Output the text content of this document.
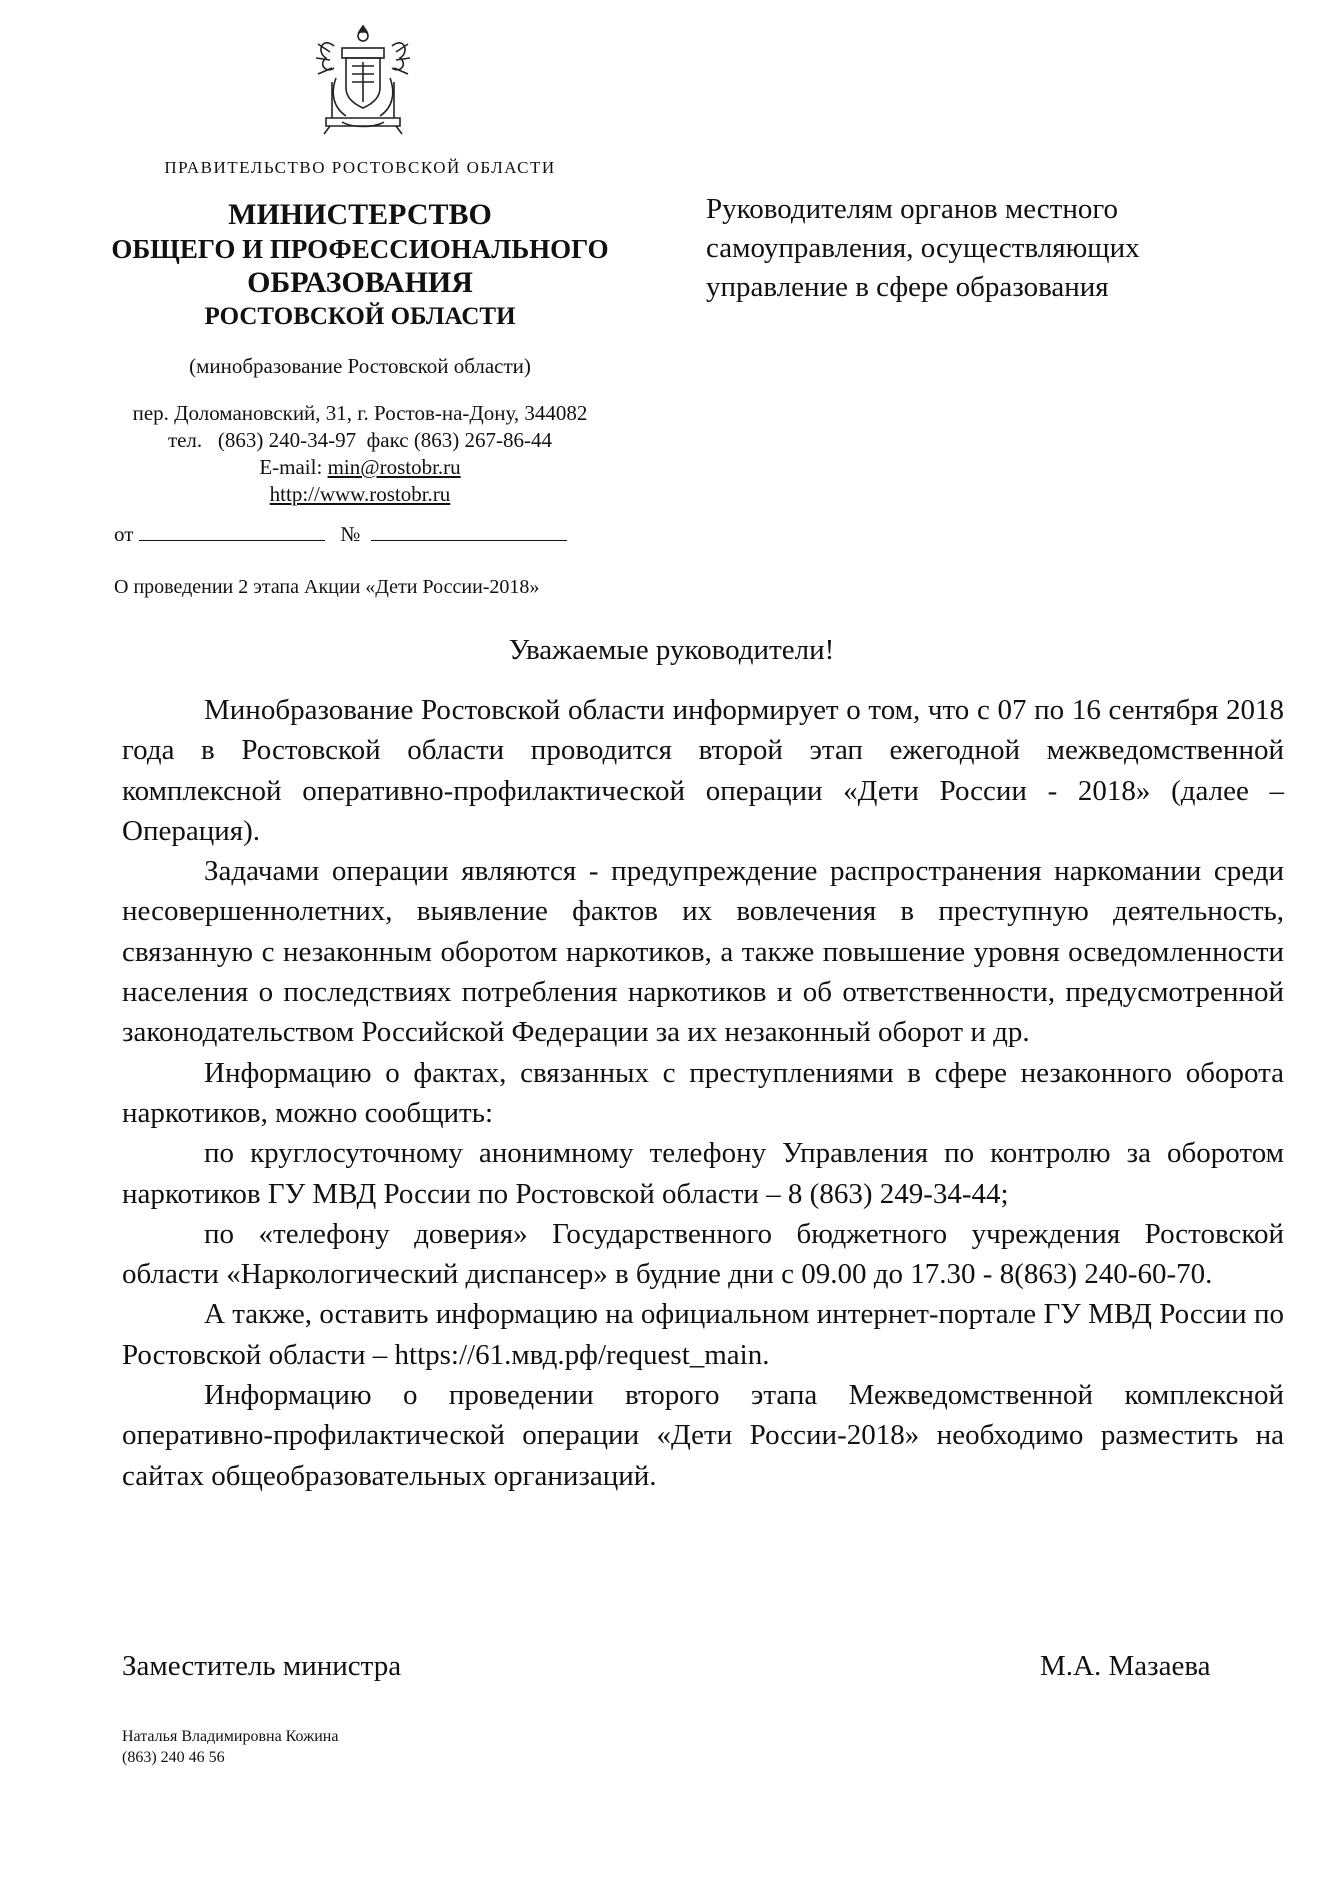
ПРАВИТЕЛЬСТВО РОСТОВСКОЙ ОБЛАСТИ
МИНИСТЕРСТВО
ОБЩЕГО И ПРОФЕССИОНАЛЬНОГО
ОБРАЗОВАНИЯ
РОСТОВСКОЙ ОБЛАСТИ
(минобразование Ростовской области)
пер. Доломановский, 31, г. Ростов-на-Дону, 344082
тел.   (863) 240-34-97  факс (863) 267-86-44
E-mail: min@rostobr.ru
http://www.rostobr.ru
от	№
О проведении 2 этапа Акции «Дети России-2018»
Руководителям органов местного
самоуправления, осуществляющих
управление в сфере образования
Уважаемые руководители!

Минобразование Ростовской области информирует о том, что с 07 по 16 сентября 2018 года в Ростовской области проводится второй этап ежегодной межведомственной комплексной оперативно-профилактической операции «Дети России - 2018» (далее – Операция).

Задачами операции являются - предупреждение распространения наркомании среди несовершеннолетних, выявление фактов их вовлечения в преступную деятельность, связанную с незаконным оборотом наркотиков, а также повышение уровня осведомленности населения о последствиях потребления наркотиков и об ответственности, предусмотренной законодательством Российской Федерации за их незаконный оборот и др.

Информацию о фактах, связанных с преступлениями в сфере незаконного оборота наркотиков, можно сообщить:

по круглосуточному анонимному телефону Управления по контролю за оборотом наркотиков ГУ МВД России по Ростовской области – 8 (863) 249-34-44;

по «телефону доверия» Государственного бюджетного учреждения Ростовской области «Наркологический диспансер» в будние дни с 09.00 до 17.30 - 8(863) 240-60-70.

А также, оставить информацию на официальном интернет-портале ГУ МВД России по Ростовской области – https://61.мвд.рф/request_main.

Информацию о проведении второго этапа Межведомственной комплексной оперативно-профилактической операции «Дети России-2018» необходимо разместить на сайтах общеобразовательных организаций.

Заместитель министра	М.А. Мазаева
Наталья Владимировна Кожина
(863) 240 46 56
